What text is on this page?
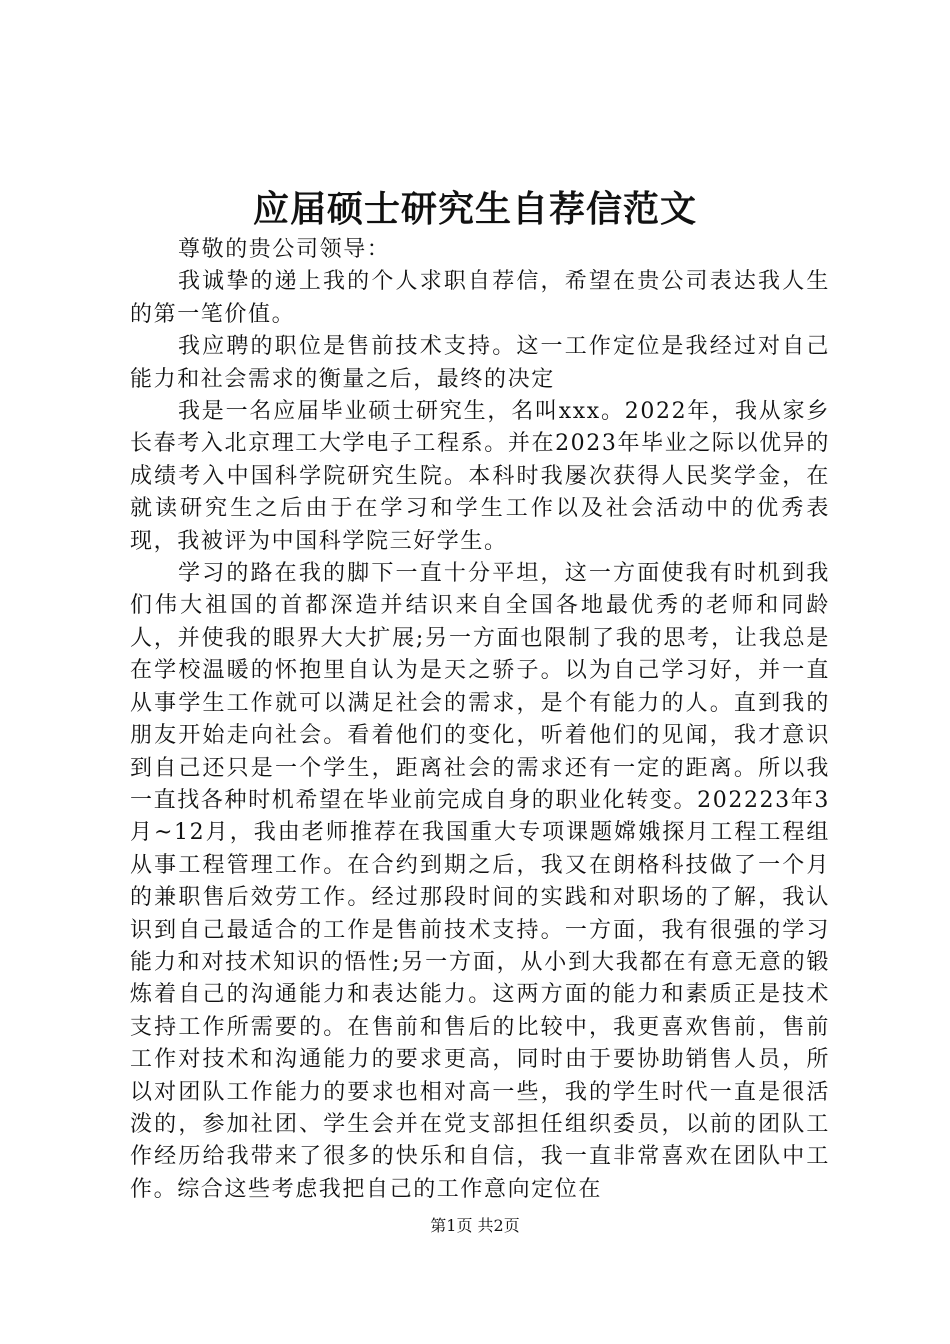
应届硕士研究生自荐信范文

尊敬的贵公司领导：

我诚挚的递上我的个人求职自荐信，希望在贵公司表达我人生的第一笔价值。

我应聘的职位是售前技术支持。这一工作定位是我经过对自己能力和社会需求的衡量之后，最终的决定

我是一名应届毕业硕士研究生，名叫xxx。2022年，我从家乡长春考入北京理工大学电子工程系。并在2023年毕业之际以优异的成绩考入中国科学院研究生院。本科时我屡次获得人民奖学金，在就读研究生之后由于在学习和学生工作以及社会活动中的优秀表现，我被评为中国科学院三好学生。

学习的路在我的脚下一直十分平坦，这一方面使我有时机到我们伟大祖国的首都深造并结识来自全国各地最优秀的老师和同龄人，并使我的眼界大大扩展;另一方面也限制了我的思考，让我总是在学校温暖的怀抱里自认为是天之骄子。以为自己学习好，并一直从事学生工作就可以满足社会的需求，是个有能力的人。直到我的朋友开始走向社会。看着他们的变化，听着他们的见闻，我才意识到自己还只是一个学生，距离社会的需求还有一定的距离。所以我一直找各种时机希望在毕业前完成自身的职业化转变。202223年3月~12月，我由老师推荐在我国重大专项课题嫦娥探月工程工程组从事工程管理工作。在合约到期之后，我又在朗格科技做了一个月的兼职售后效劳工作。经过那段时间的实践和对职场的了解，我认识到自己最适合的工作是售前技术支持。一方面，我有很强的学习能力和对技术知识的悟性;另一方面，从小到大我都在有意无意的锻炼着自己的沟通能力和表达能力。这两方面的能力和素质正是技术支持工作所需要的。在售前和售后的比较中，我更喜欢售前，售前工作对技术和沟通能力的要求更高，同时由于要协助销售人员，所以对团队工作能力的要求也相对高一些，我的学生时代一直是很活泼的，参加社团、学生会并在党支部担任组织委员，以前的团队工作经历给我带来了很多的快乐和自信，我一直非常喜欢在团队中工作。综合这些考虑我把自己的工作意向定位在

第1页 共2页
